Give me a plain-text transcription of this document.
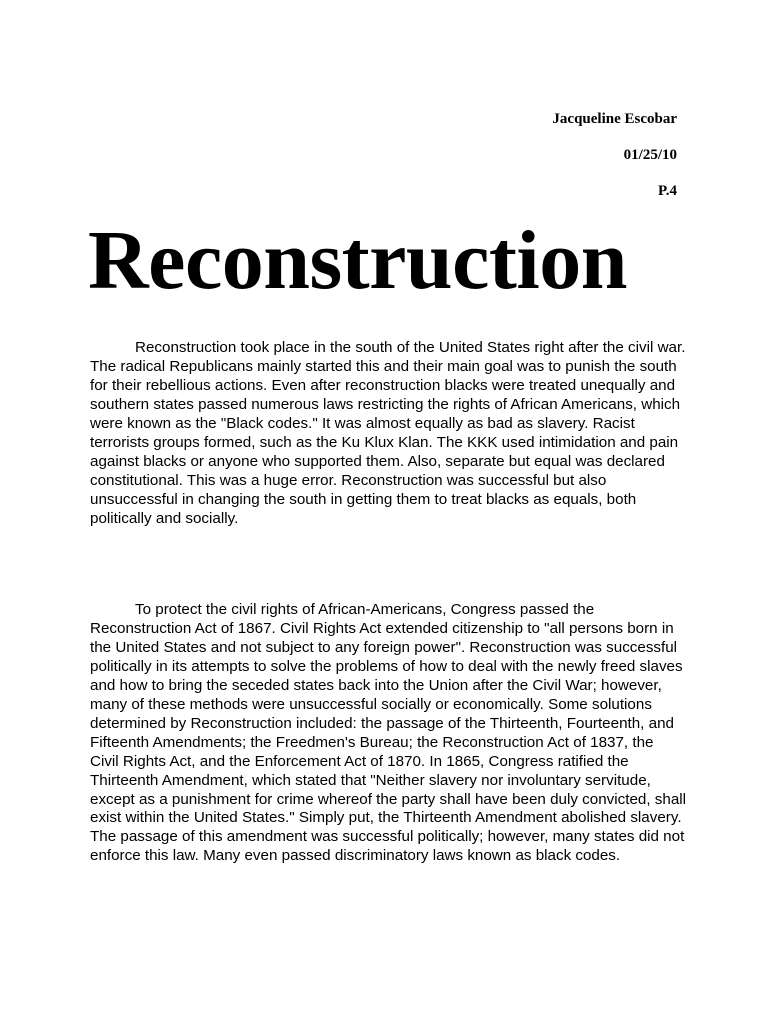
Jacqueline Escobar
01/25/10
P.4
Reconstruction

Reconstruction took place in the south of the United States right after the civil war. The radical Republicans mainly started this and their main goal was to punish the south for their rebellious actions. Even after reconstruction blacks were treated unequally and southern states passed numerous laws restricting the rights of African Americans, which were known as the "Black codes." It was almost equally as bad as slavery. Racist terrorists groups formed, such as the Ku Klux Klan. The KKK used intimidation and pain against blacks or anyone who supported them. Also, separate but equal was declared constitutional. This was a huge error. Reconstruction was successful but also unsuccessful in changing the south in getting them to treat blacks as equals, both politically and socially.

To protect the civil rights of African-Americans, Congress passed the Reconstruction Act of 1867. Civil Rights Act extended citizenship to "all persons born in the United States and not subject to any foreign power". Reconstruction was successful politically in its attempts to solve the problems of how to deal with the newly freed slaves and how to bring the seceded states back into the Union after the Civil War; however, many of these methods were unsuccessful socially or economically. Some solutions determined by Reconstruction included: the passage of the Thirteenth, Fourteenth, and Fifteenth Amendments; the Freedmen's Bureau; the Reconstruction Act of 1837, the Civil Rights Act, and the Enforcement Act of 1870. In 1865, Congress ratified the Thirteenth Amendment, which stated that "Neither slavery nor involuntary servitude, except as a punishment for crime whereof the party shall have been duly convicted, shall exist within the United States." Simply put, the Thirteenth Amendment abolished slavery. The passage of this amendment was successful politically; however, many states did not enforce this law. Many even passed discriminatory laws known as black codes.
